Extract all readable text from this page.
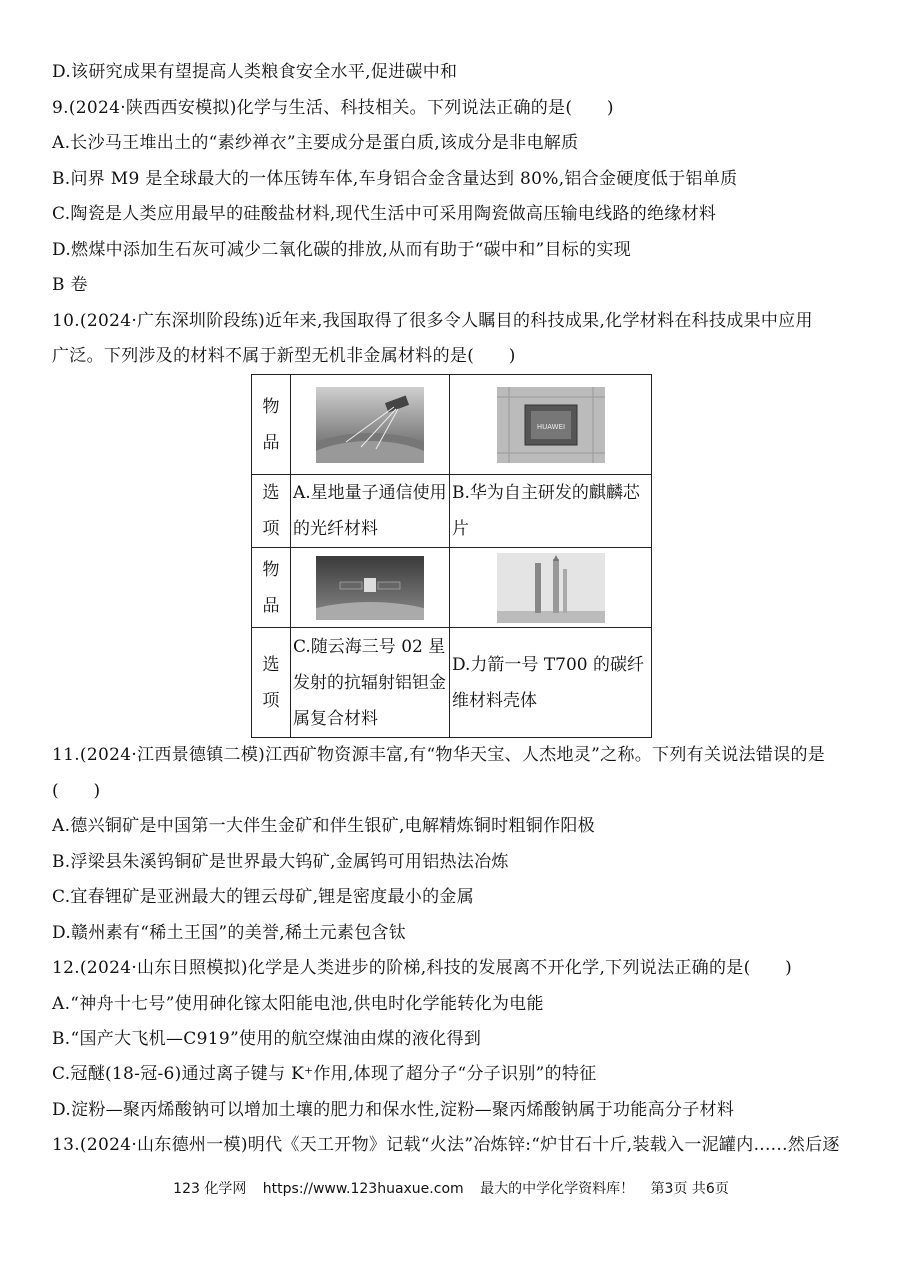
D.该研究成果有望提高人类粮食安全水平,促进碳中和
9.(2024·陕西西安模拟)化学与生活、科技相关。下列说法正确的是(　　)
A.长沙马王堆出土的“素纱禅衣”主要成分是蛋白质,该成分是非电解质
B.问界 M9 是全球最大的一体压铸车体,车身铝合金含量达到 80%,铝合金硬度低于铝单质
C.陶瓷是人类应用最早的硅酸盐材料,现代生活中可采用陶瓷做高压输电线路的绝缘材料
D.燃煤中添加生石灰可减少二氧化碳的排放,从而有助于“碳中和”目标的实现
B 卷
10.(2024·广东深圳阶段练)近年来,我国取得了很多令人瞩目的科技成果,化学材料在科技成果中应用
广泛。下列涉及的材料不属于新型无机非金属材料的是(　　)
物
品		HUAWEI

选
项	A.星地量子通信使用的光纤材料	B.华为自主研发的麒麟芯片
物
品	

选
项	C.随云海三号 02 星发射的抗辐射铝钽金属复合材料	D.力箭一号 T700 的碳纤维材料壳体
11.(2024·江西景德镇二模)江西矿物资源丰富,有“物华天宝、人杰地灵”之称。下列有关说法错误的是
(　　)
A.德兴铜矿是中国第一大伴生金矿和伴生银矿,电解精炼铜时粗铜作阳极
B.浮梁县朱溪钨铜矿是世界最大钨矿,金属钨可用铝热法冶炼
C.宜春锂矿是亚洲最大的锂云母矿,锂是密度最小的金属
D.赣州素有“稀土王国”的美誉,稀土元素包含钛
12.(2024·山东日照模拟)化学是人类进步的阶梯,科技的发展离不开化学,下列说法正确的是(　　)
A.“神舟十七号”使用砷化镓太阳能电池,供电时化学能转化为电能
B.“国产大飞机—C919”使用的航空煤油由煤的液化得到
C.冠醚(18-冠-6)通过离子键与 K⁺作用,体现了超分子“分子识别”的特征
D.淀粉—聚丙烯酸钠可以增加土壤的肥力和保水性,淀粉—聚丙烯酸钠属于功能高分子材料
13.(2024·山东德州一模)明代《天工开物》记载“火法”冶炼锌:“炉甘石十斤,装载入一泥罐内......然后逐
123 化学网 https://www.123huaxue.com 最大的中学化学资料库！ 第3页 共6页
